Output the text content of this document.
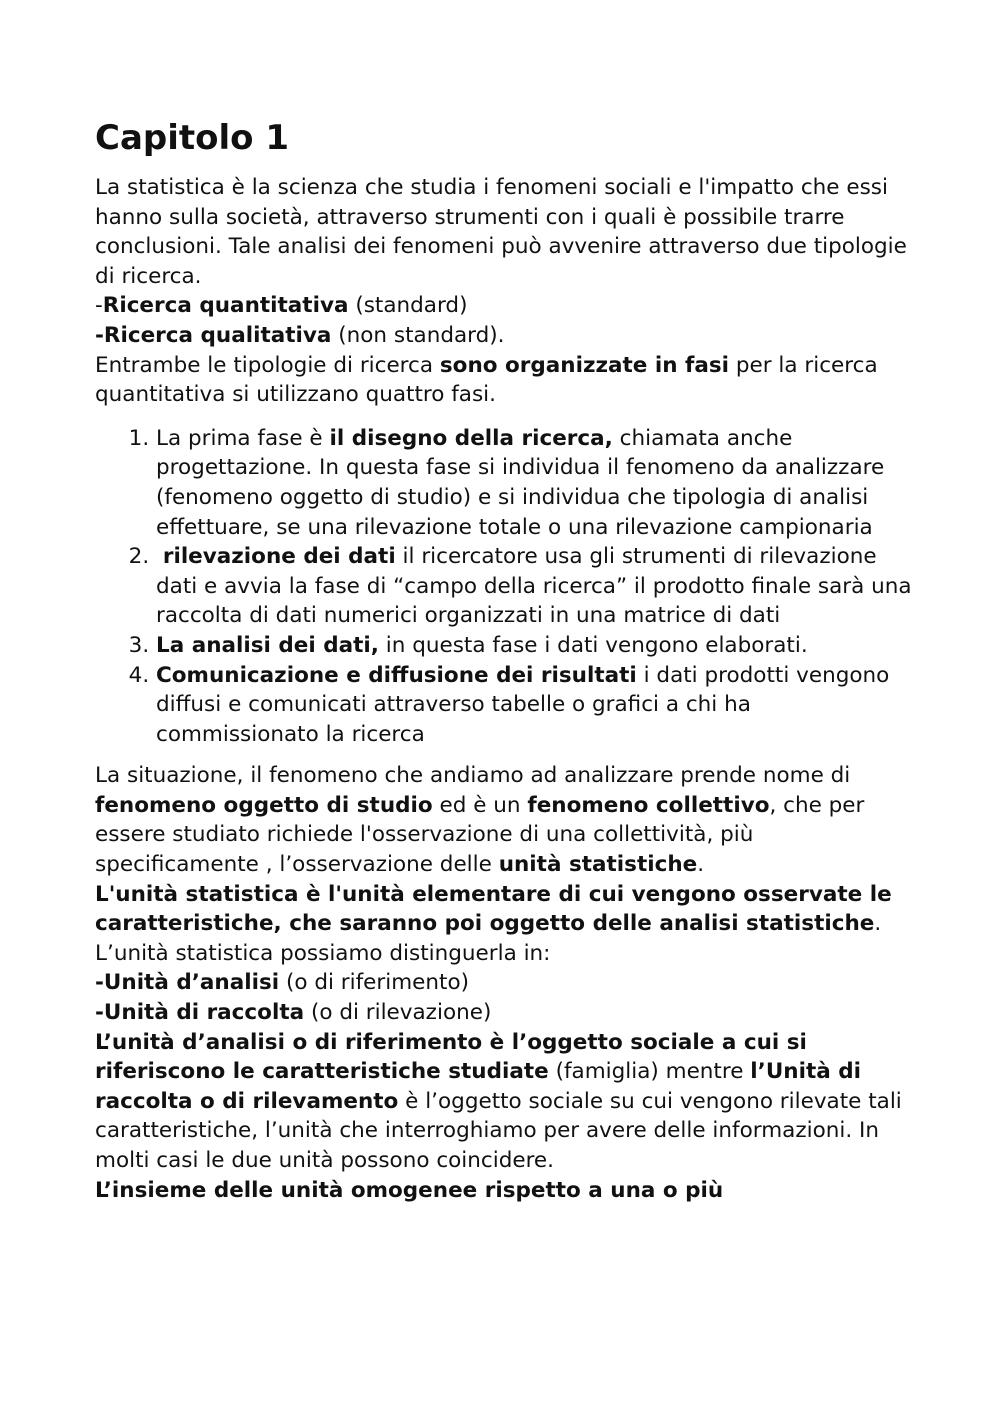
Capitolo 1

La statistica è la scienza che studia i fenomeni sociali e l'impatto che essi hanno sulla società, attraverso strumenti con i quali è possibile trarre conclusioni. Tale analisi dei fenomeni può avvenire attraverso due tipologie di ricerca.

-Ricerca quantitativa (standard)

-Ricerca qualitativa (non standard).

Entrambe le tipologie di ricerca sono organizzate in fasi per la ricerca quantitativa si utilizzano quattro fasi.

1. La prima fase è il disegno della ricerca, chiamata anche progettazione. In questa fase si individua il fenomeno da analizzare (fenomeno oggetto di studio) e si individua che tipologia di analisi effettuare, se una rilevazione totale o una rilevazione campionaria
2. rilevazione dei dati il ricercatore usa gli strumenti di rilevazione dati e avvia la fase di “campo della ricerca” il prodotto finale sarà una raccolta di dati numerici organizzati in una matrice di dati
3. La analisi dei dati, in questa fase i dati vengono elaborati.
4. Comunicazione e diffusione dei risultati i dati prodotti vengono diffusi e comunicati attraverso tabelle o grafici a chi ha commissionato la ricerca

La situazione, il fenomeno che andiamo ad analizzare prende nome di fenomeno oggetto di studio ed è un fenomeno collettivo, che per essere studiato richiede l'osservazione di una collettività, più specificamente , l’osservazione delle unità statistiche.

L'unità statistica è l'unità elementare di cui vengono osservate le caratteristiche, che saranno poi oggetto delle analisi statistiche.

L’unità statistica possiamo distinguerla in:

-Unità d’analisi (o di riferimento)

-Unità di raccolta (o di rilevazione)

L’unità d’analisi o di riferimento è l’oggetto sociale a cui si riferiscono le caratteristiche studiate (famiglia) mentre l’Unità di raccolta o di rilevamento è l’oggetto sociale su cui vengono rilevate tali caratteristiche, l’unità che interroghiamo per avere delle informazioni. In molti casi le due unità possono coincidere.

L’insieme delle unità omogenee rispetto a una o più
